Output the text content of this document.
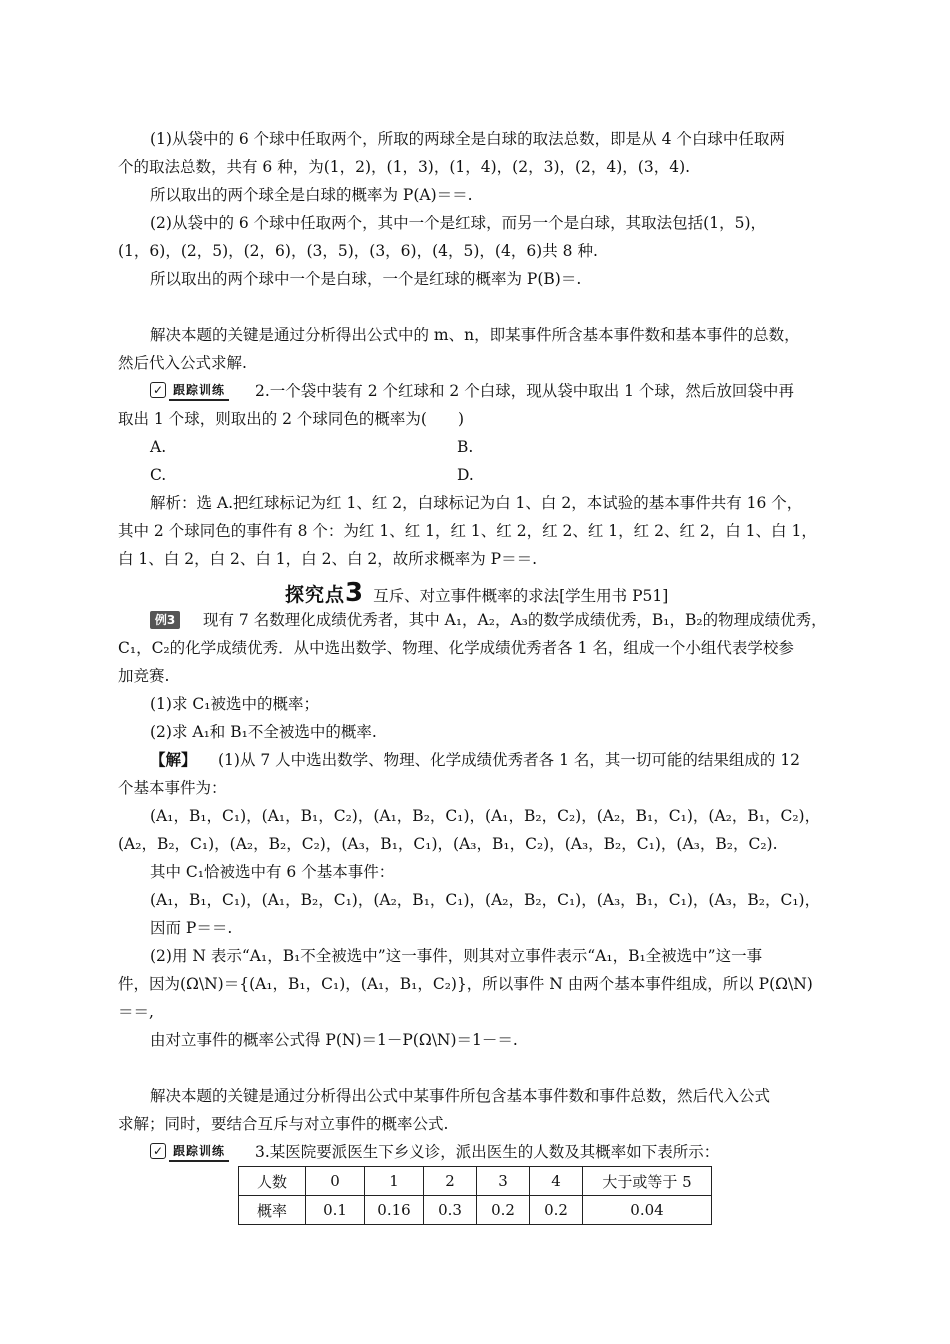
(1)从袋中的 6 个球中任取两个，所取的两球全是白球的取法总数，即是从 4 个白球中任取两
个的取法总数，共有 6 种，为(1，2)，(1，3)，(1，4)，(2，3)，(2，4)，(3，4).
所以取出的两个球全是白球的概率为 P(A)＝＝.
(2)从袋中的 6 个球中任取两个，其中一个是红球，而另一个是白球，其取法包括(1，5)，
(1，6)，(2，5)，(2，6)，(3，5)，(3，6)，(4，5)，(4，6)共 8 种.
所以取出的两个球中一个是白球，一个是红球的概率为 P(B)＝.
解决本题的关键是通过分析得出公式中的 m、n，即某事件所含基本事件数和基本事件的总数，
然后代入公式求解.
✓ 跟踪训练 2.一个袋中装有 2 个红球和 2 个白球，现从袋中取出 1 个球，然后放回袋中再
取出 1 个球，则取出的 2 个球同色的概率为(　　)
A.	B.
C.	D.
解析：选 A.把红球标记为红 1、红 2，白球标记为白 1、白 2，本试验的基本事件共有 16 个，
其中 2 个球同色的事件有 8 个：为红 1、红 1，红 1、红 2，红 2、红 1，红 2、红 2，白 1、白 1，
白 1、白 2，白 2、白 1，白 2、白 2，故所求概率为 P＝＝.
探究点3 互斥、对立事件概率的求法[学生用书 P51]
例3	现有 7 名数理化成绩优秀者，其中 A₁，A₂，A₃的数学成绩优秀，B₁，B₂的物理成绩优秀，
C₁，C₂的化学成绩优秀．从中选出数学、物理、化学成绩优秀者各 1 名，组成一个小组代表学校参
加竞赛.
(1)求 C₁被选中的概率；
(2)求 A₁和 B₁不全被选中的概率.
【解】 (1)从 7 人中选出数学、物理、化学成绩优秀者各 1 名，其一切可能的结果组成的 12
个基本事件为：
(A₁，B₁，C₁)，(A₁，B₁，C₂)，(A₁，B₂，C₁)，(A₁，B₂，C₂)，(A₂，B₁，C₁)，(A₂，B₁，C₂)，
(A₂，B₂，C₁)，(A₂，B₂，C₂)，(A₃，B₁，C₁)，(A₃，B₁，C₂)，(A₃，B₂，C₁)，(A₃，B₂，C₂).
其中 C₁恰被选中有 6 个基本事件：
(A₁，B₁，C₁)，(A₁，B₂，C₁)，(A₂，B₁，C₁)，(A₂，B₂，C₁)，(A₃，B₁，C₁)，(A₃，B₂，C₁)，
因而 P＝＝.
(2)用 N 表示“A₁，B₁不全被选中”这一事件，则其对立事件表示“A₁，B₁全被选中”这一事
件，因为(Ω\N)＝{(A₁，B₁，C₁)，(A₁，B₁，C₂)}，所以事件 N 由两个基本事件组成，所以 P(Ω\N)
＝＝,
由对立事件的概率公式得 P(N)＝1－P(Ω\N)＝1－＝.
解决本题的关键是通过分析得出公式中某事件所包含基本事件数和事件总数，然后代入公式
求解；同时，要结合互斥与对立事件的概率公式.
✓ 跟踪训练 3.某医院要派医生下乡义诊，派出医生的人数及其概率如下表所示：
人数	0	1	2	3	4	大于或等于 5
概率	0.1	0.16	0.3	0.2	0.2	0.04
